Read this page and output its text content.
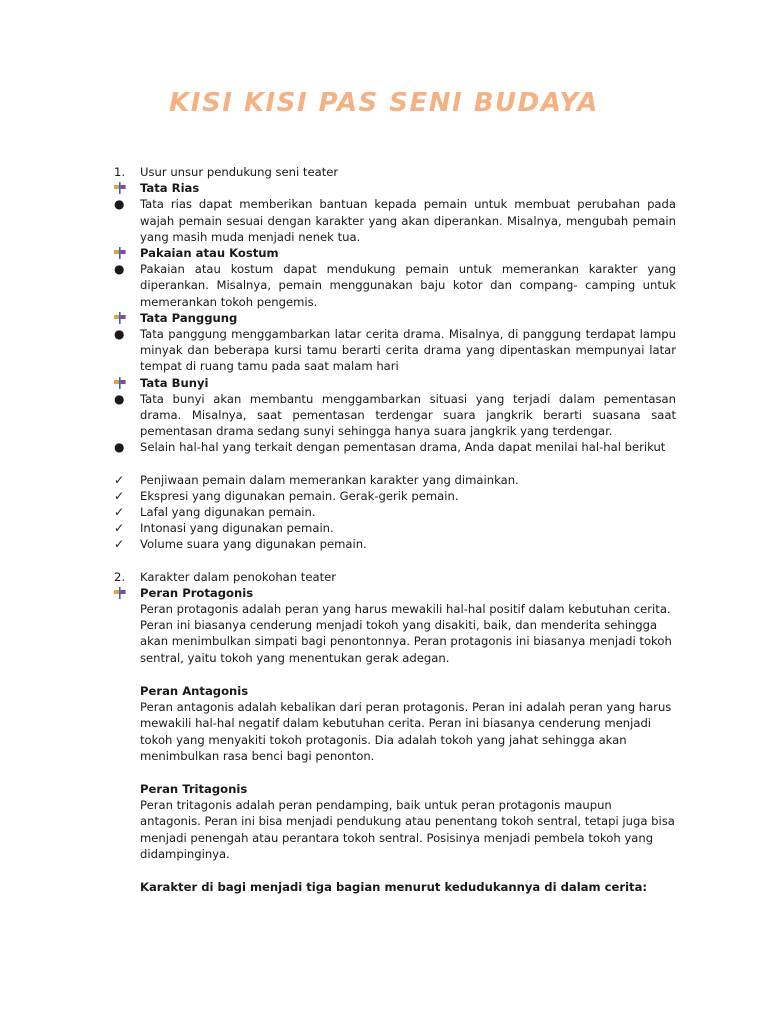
KISI KISI PAS SENI BUDAYA
1.	Usur unsur pendukung seni teater
Tata Rias
●	Tata rias dapat memberikan bantuan kepada pemain untuk membuat perubahan pada wajah pemain sesuai dengan karakter yang akan diperankan. Misalnya, mengubah pemain yang masih muda menjadi nenek tua.
Pakaian atau Kostum
●	Pakaian atau kostum dapat mendukung pemain untuk memerankan karakter yang diperankan. Misalnya, pemain menggunakan baju kotor dan compang- camping untuk memerankan tokoh pengemis.
Tata Panggung
●	Tata panggung menggambarkan latar cerita drama. Misalnya, di panggung terdapat lampu minyak dan beberapa kursi tamu berarti cerita drama yang dipentaskan mempunyai latar tempat di ruang tamu pada saat malam hari
Tata Bunyi
●	Tata bunyi akan membantu menggambarkan situasi yang terjadi dalam pementasan drama. Misalnya, saat pementasan terdengar suara jangkrik berarti suasana saat pementasan drama sedang sunyi sehingga hanya suara jangkrik yang terdengar.
●	Selain hal-hal yang terkait dengan pementasan drama, Anda dapat menilai hal-hal berikut
✓	Penjiwaan pemain dalam memerankan karakter yang dimainkan.
✓	Ekspresi yang digunakan pemain. Gerak-gerik pemain.
✓	Lafal yang digunakan pemain.
✓	Intonasi yang digunakan pemain.
✓	Volume suara yang digunakan pemain.
2.	Karakter dalam penokohan teater
Peran Protagonis
Peran protagonis adalah peran yang harus mewakili hal-hal positif dalam kebutuhan cerita. Peran ini biasanya cenderung menjadi tokoh yang disakiti, baik, dan menderita sehingga akan menimbulkan simpati bagi penontonnya. Peran protagonis ini biasanya menjadi tokoh sentral, yaitu tokoh yang menentukan gerak adegan.
Peran Antagonis
Peran antagonis adalah kebalikan dari peran protagonis. Peran ini adalah peran yang harus mewakili hal-hal negatif dalam kebutuhan cerita. Peran ini biasanya cenderung menjadi tokoh yang menyakiti tokoh protagonis. Dia adalah tokoh yang jahat sehingga akan menimbulkan rasa benci bagi penonton.
Peran Tritagonis
Peran tritagonis adalah peran pendamping, baik untuk peran protagonis maupun antagonis. Peran ini bisa menjadi pendukung atau penentang tokoh sentral, tetapi juga bisa menjadi penengah atau perantara tokoh sentral. Posisinya menjadi pembela tokoh yang didampinginya.
Karakter di bagi menjadi tiga bagian menurut kedudukannya di dalam cerita:
